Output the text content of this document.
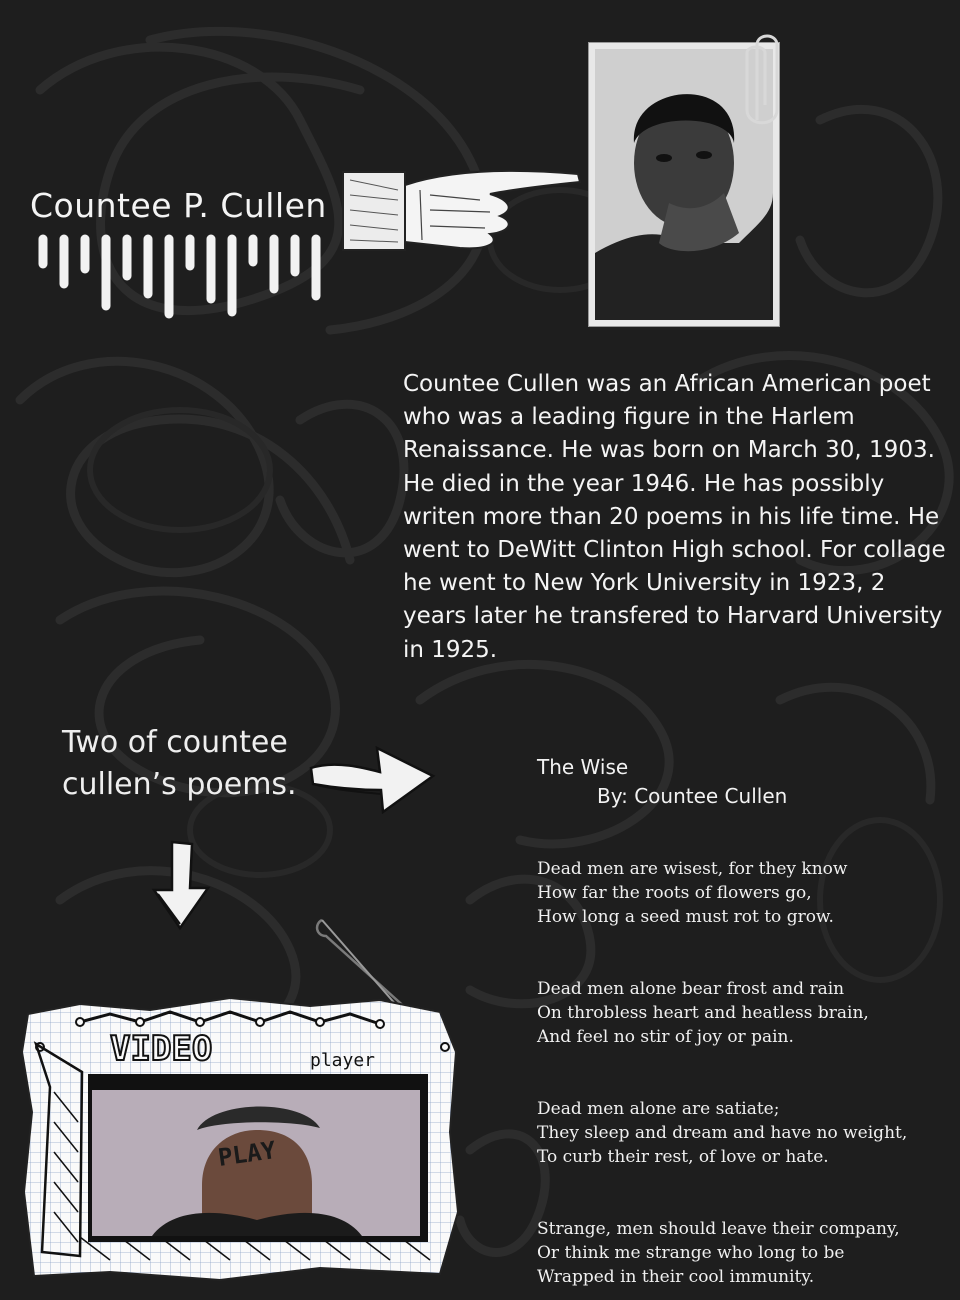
Countee P. Cullen
Countee Cullen was an African American poet who was a leading figure in the Harlem Renaissance. He was born on March 30, 1903. He died in the year 1946. He has possibly writen more than 20 poems in his life time. He went to DeWitt Clinton High school. For collage he went to New York University in 1923, 2 years later he transfered to Harvard University in 1925.
Two of countee cullen’s poems.
VIDEO	player
PLAY
The Wise
By: Countee Cullen
Dead men are wisest, for they know
How far the roots of flowers go,
How long a seed must rot to grow.
Dead men alone bear frost and rain
On throbless heart and heatless brain,
And feel no stir of joy or pain.
Dead men alone are satiate;
They sleep and dream and have no weight,
To curb their rest, of love or hate.
Strange, men should leave their company,
Or think me strange who long to be
Wrapped in their cool immunity.
